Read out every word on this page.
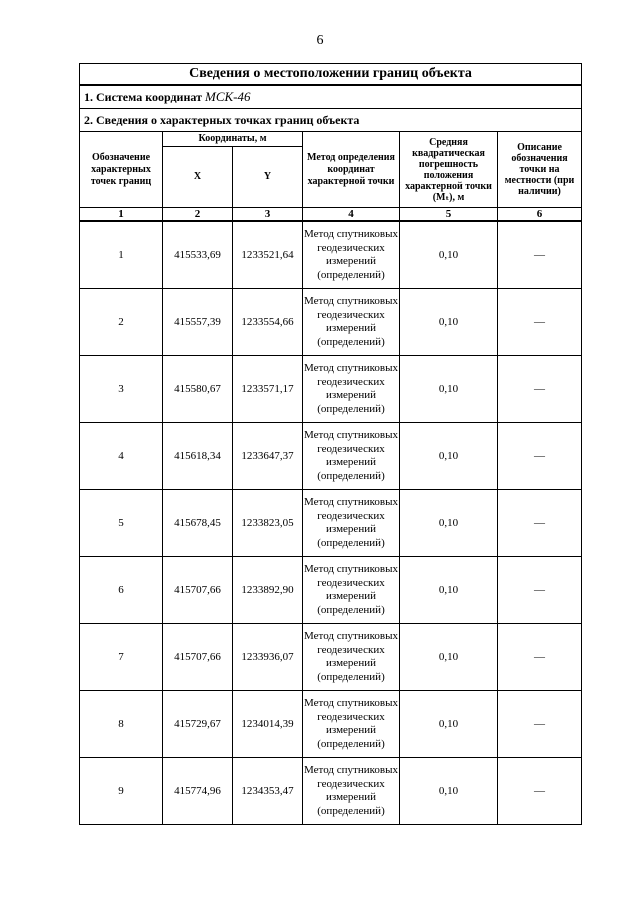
6
Сведения о местоположении границ объекта					
1. Система координат МСК-46					
2. Сведения о характерных точках границ объекта					
Обозначение характерных точек границ	Координаты, м		Метод определения координат характерной точки	Средняя квадратическая погрешность положения характерной точки (Mₜ), м	Описание обозначения точки на местности (при наличии)
	X	Y			
1	2	3	4	5	6
1	415533,69	1233521,64	Метод спутниковых геодезических измерений (определений)	0,10	—
2	415557,39	1233554,66	Метод спутниковых геодезических измерений (определений)	0,10	—
3	415580,67	1233571,17	Метод спутниковых геодезических измерений (определений)	0,10	—
4	415618,34	1233647,37	Метод спутниковых геодезических измерений (определений)	0,10	—
5	415678,45	1233823,05	Метод спутниковых геодезических измерений (определений)	0,10	—
6	415707,66	1233892,90	Метод спутниковых геодезических измерений (определений)	0,10	—
7	415707,66	1233936,07	Метод спутниковых геодезических измерений (определений)	0,10	—
8	415729,67	1234014,39	Метод спутниковых геодезических измерений (определений)	0,10	—
9	415774,96	1234353,47	Метод спутниковых геодезических измерений (определений)	0,10	—
